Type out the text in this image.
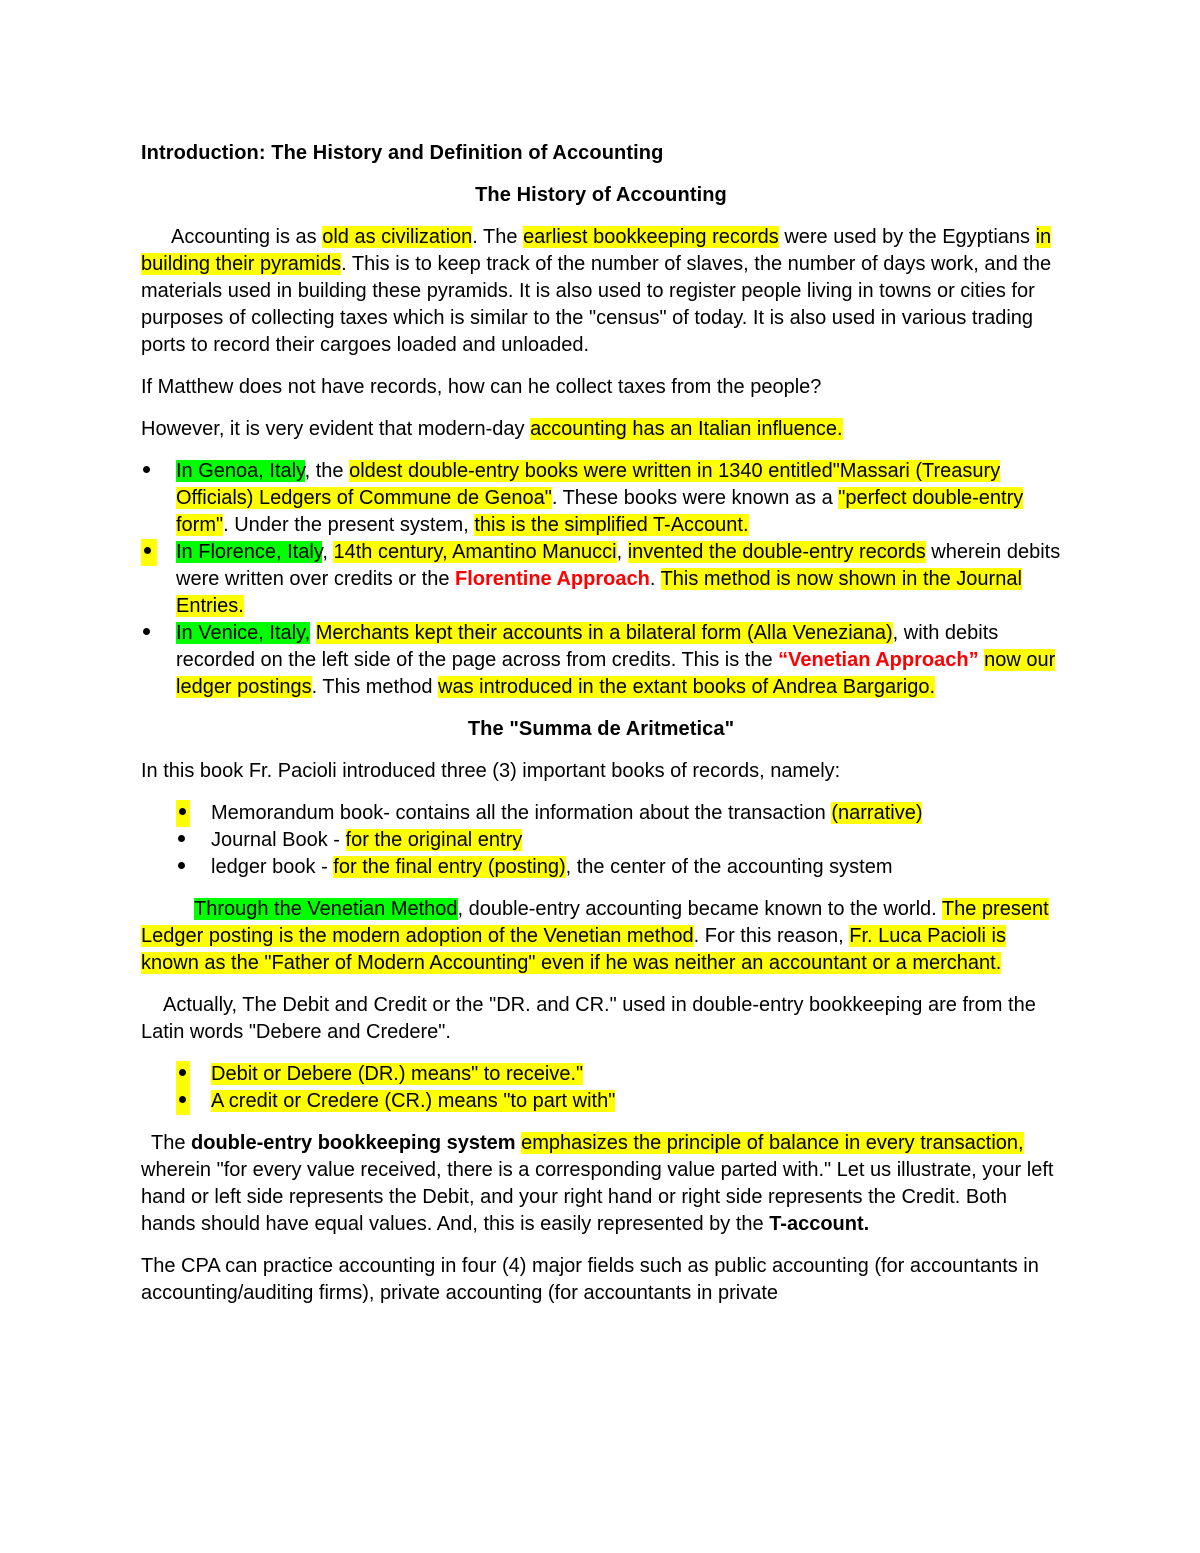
Introduction: The History and Definition of Accounting

The History of Accounting

Accounting is as old as civilization. The earliest bookkeeping records were used by the Egyptians in building their pyramids. This is to keep track of the number of slaves, the number of days work, and the materials used in building these pyramids. It is also used to register people living in towns or cities for purposes of collecting taxes which is similar to the "census" of today. It is also used in various trading ports to record their cargoes loaded and unloaded.

If Matthew does not have records, how can he collect taxes from the people?

However, it is very evident that modern-day accounting has an Italian influence.

In Genoa, Italy, the oldest double-entry books were written in 1340 entitled"Massari (Treasury Officials) Ledgers of Commune de Genoa". These books were known as a "perfect double-entry form". Under the present system, this is the simplified T-Account.
In Florence, Italy, 14th century, Amantino Manucci, invented the double-entry records wherein debits were written over credits or the Florentine Approach. This method is now shown in the Journal Entries.
In Venice, Italy, Merchants kept their accounts in a bilateral form (Alla Veneziana), with debits recorded on the left side of the page across from credits. This is the “Venetian Approach” now our ledger postings. This method was introduced in the extant books of Andrea Bargarigo.

The "Summa de Aritmetica"

In this book Fr. Pacioli introduced three (3) important books of records, namely:

Memorandum book- contains all the information about the transaction (narrative)
Journal Book - for the original entry
ledger book - for the final entry (posting), the center of the accounting system

Through the Venetian Method, double-entry accounting became known to the world. The present Ledger posting is the modern adoption of the Venetian method. For this reason, Fr. Luca Pacioli is known as the "Father of Modern Accounting" even if he was neither an accountant or a merchant.

Actually, The Debit and Credit or the "DR. and CR." used in double-entry bookkeeping are from the Latin words "Debere and Credere".

Debit or Debere (DR.) means" to receive."
A credit or Credere (CR.) means "to part with"

The double-entry bookkeeping system emphasizes the principle of balance in every transaction, wherein "for every value received, there is a corresponding value parted with." Let us illustrate, your left hand or left side represents the Debit, and your right hand or right side represents the Credit. Both hands should have equal values. And, this is easily represented by the T-account.

The CPA can practice accounting in four (4) major fields such as public accounting (for accountants in accounting/auditing firms), private accounting (for accountants in private
